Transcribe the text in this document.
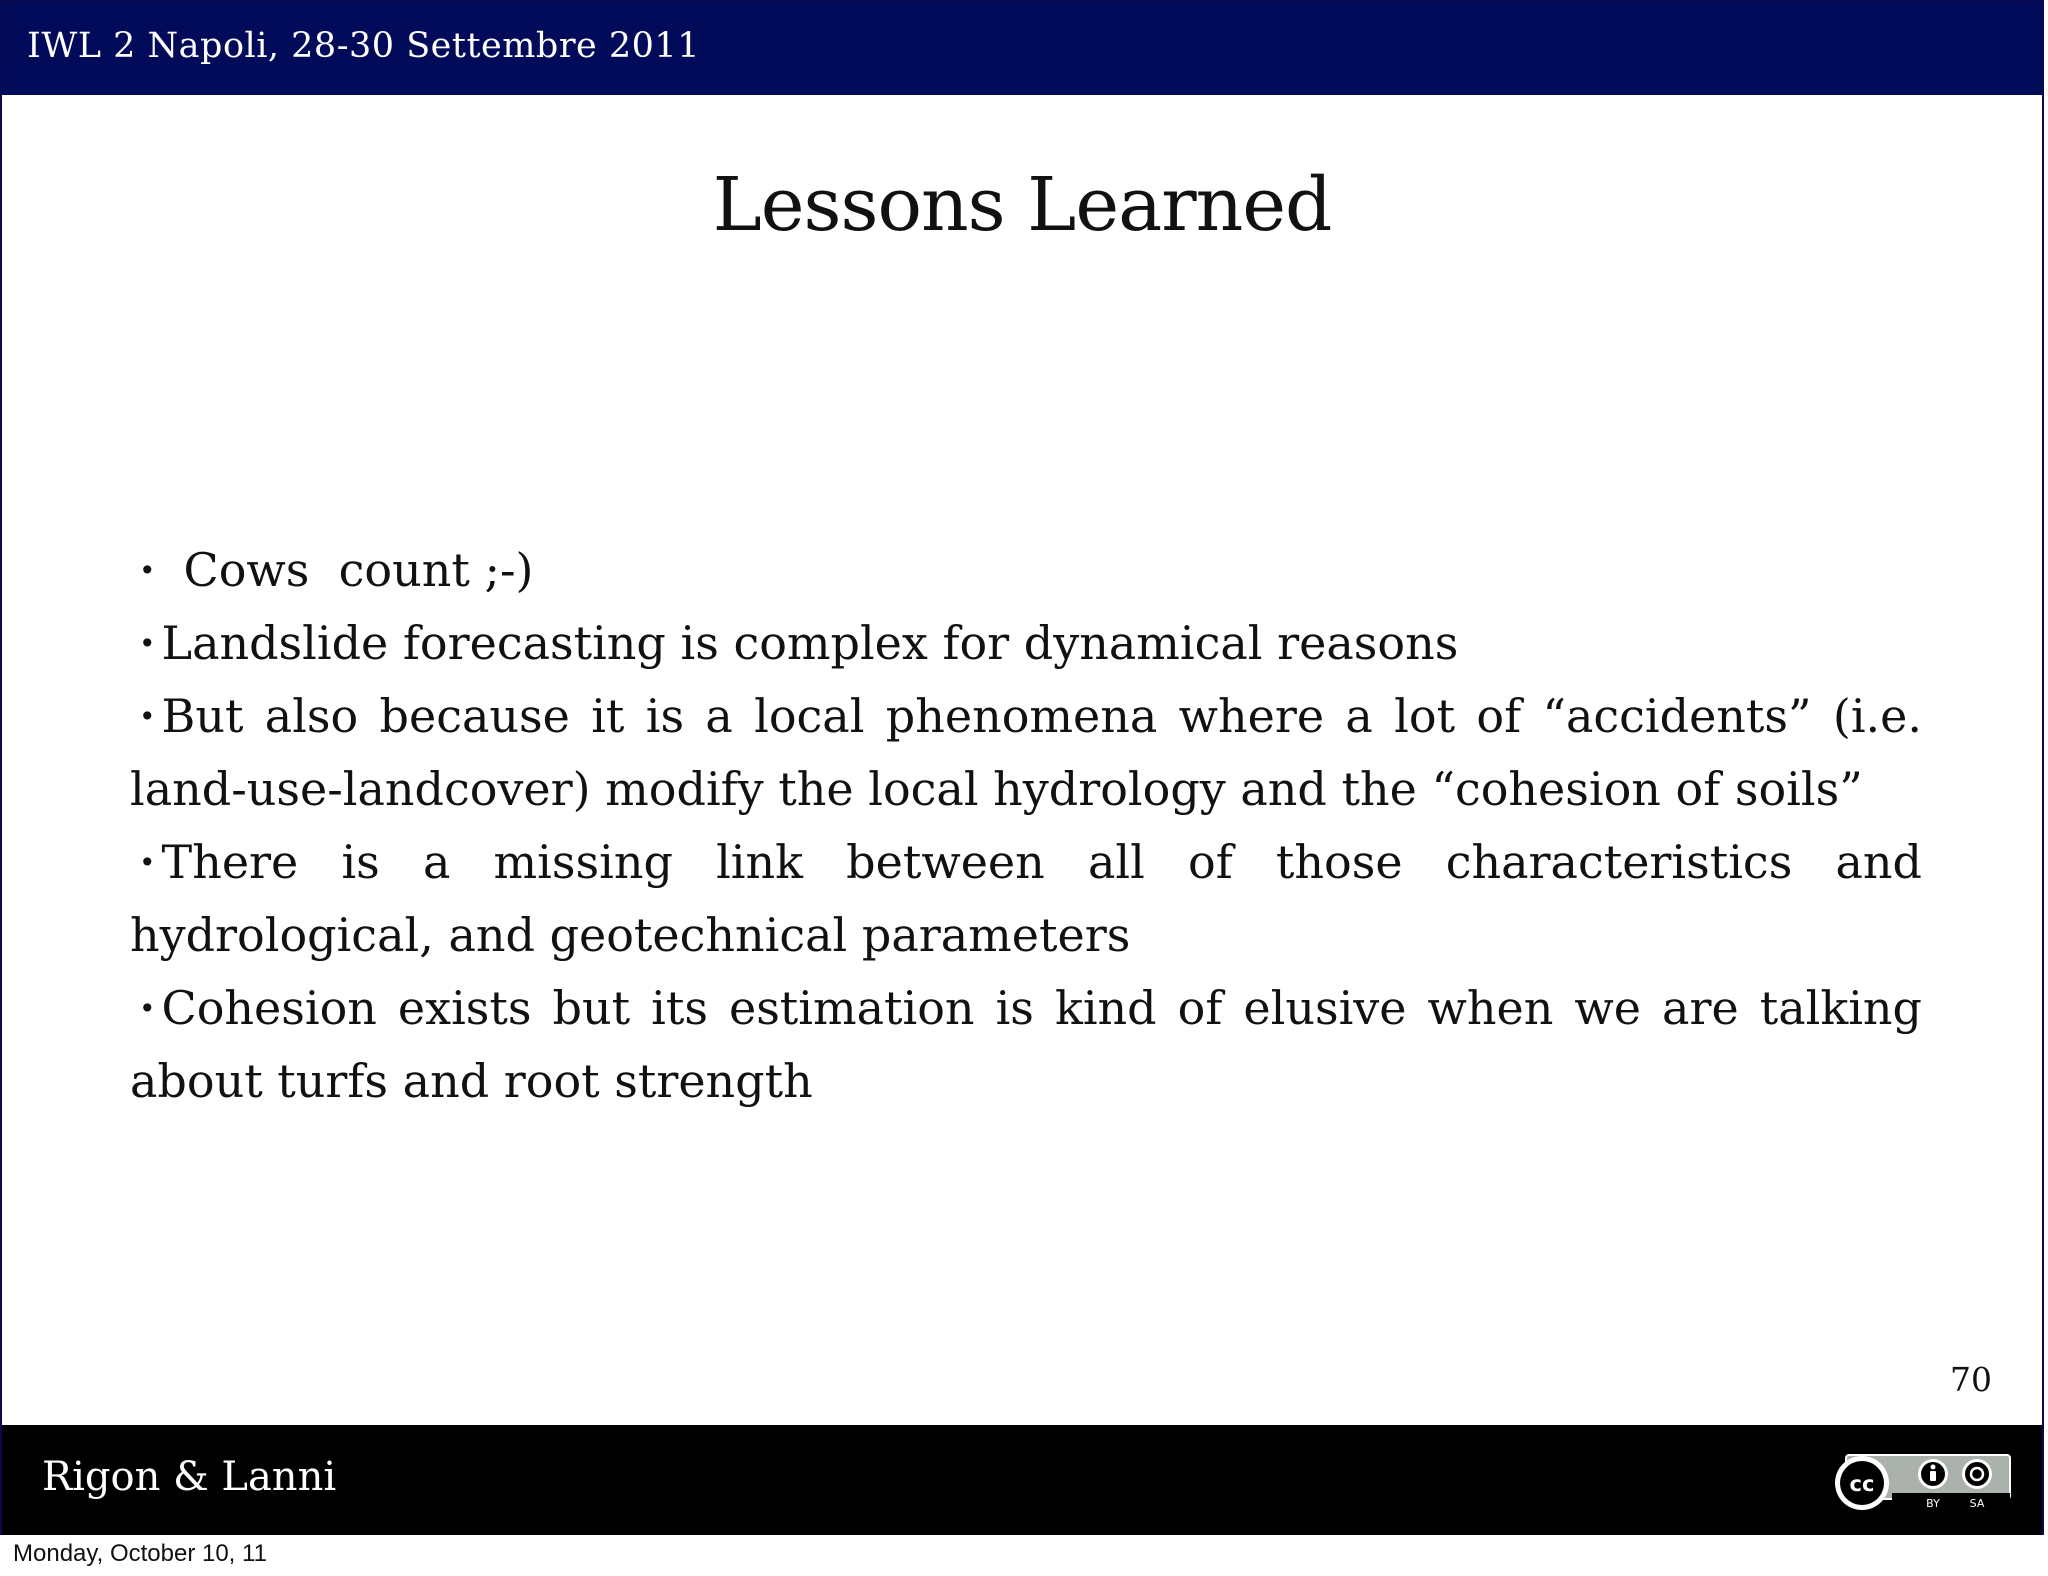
IWL 2 Napoli, 28-30 Settembre 2011
Lessons Learned
• Cows  count ;-)
• Landslide forecasting is complex for dynamical reasons
• But also because it is a local phenomena where a lot of “accidents” (i.e. land-use-landcover) modify the local hydrology and the “cohesion of soils”
• There is a missing link between all of those characteristics and hydrological, and geotechnical parameters
• Cohesion exists but its estimation is kind of elusive when we are talking about turfs and root strength
70
Rigon & Lanni	cc
BY	SA
Monday, October 10, 11
